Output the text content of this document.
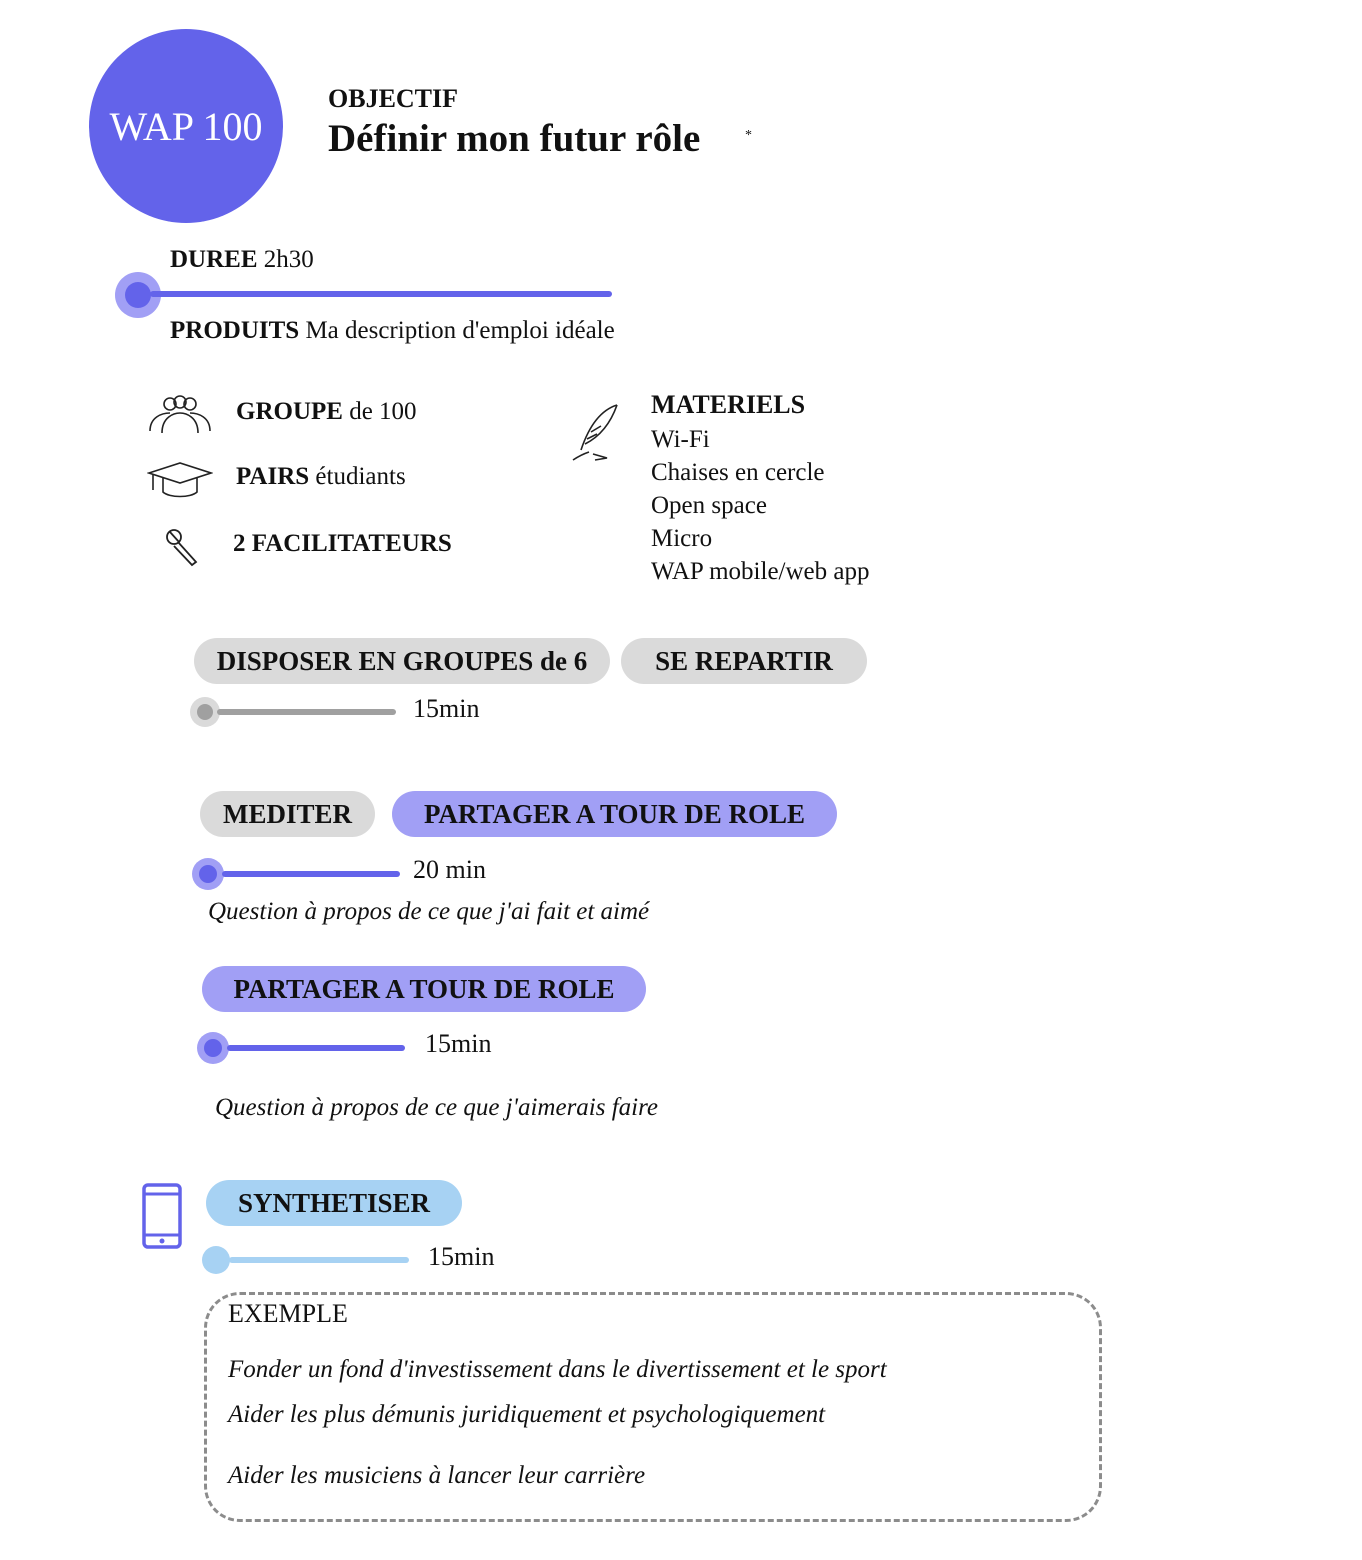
WAP 100
OBJECTIF
Définir mon futur rôle	*
DUREE 2h30
PRODUITS Ma description d'emploi idéale
GROUPE de 100
PAIRS étudiants
2 FACILITATEURS
MATERIELS
Wi-Fi
Chaises en cercle
Open space
Micro
WAP mobile/web app
DISPOSER EN GROUPES de 6	SE REPARTIR
15min
MEDITER	PARTAGER A TOUR DE ROLE
20 min
Question à propos de ce que j'ai fait et aimé
PARTAGER A TOUR DE ROLE
15min
Question à propos de ce que j'aimerais faire
SYNTHETISER
15min
EXEMPLE
Fonder un fond d'investissement dans le divertissement et le sport
Aider les plus démunis juridiquement et psychologiquement
Aider les musiciens à lancer leur carrière
